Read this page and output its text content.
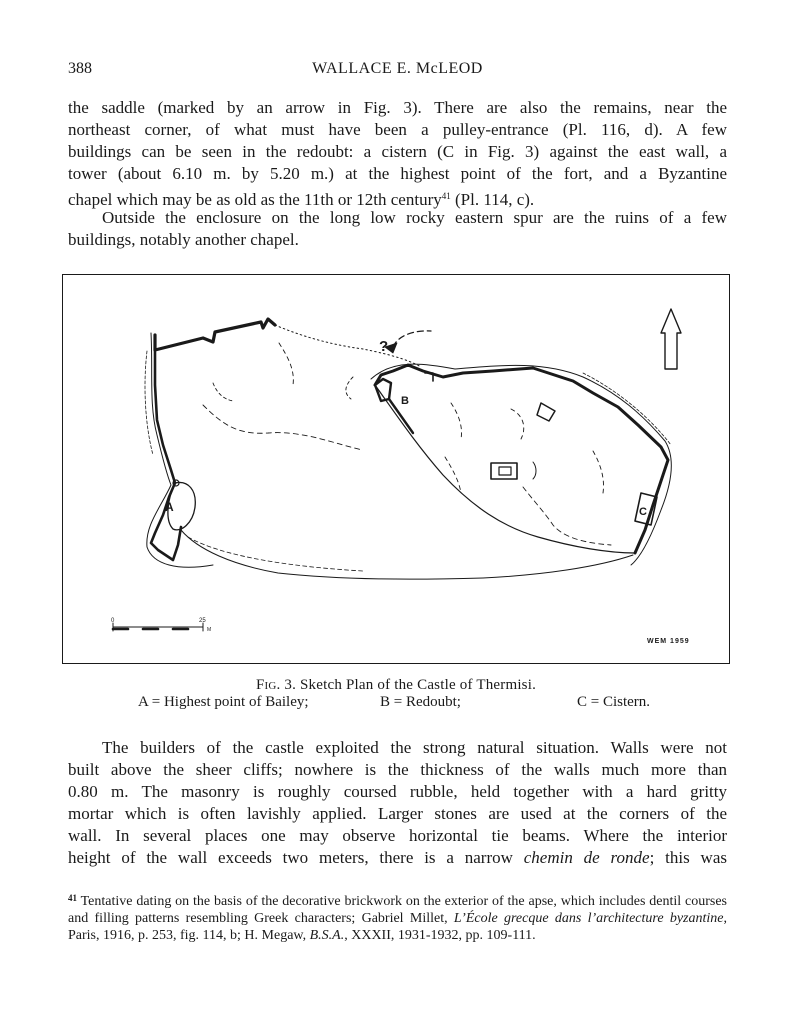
388	WALLACE E. McLEOD

the saddle (marked by an arrow in Fig. 3). There are also the remains, near the

northeast corner, of what must have been a pulley-entrance (Pl. 116, d). A few

buildings can be seen in the redoubt: a cistern (C in Fig. 3) against the east wall, a

tower (about 6.10 m. by 5.20 m.) at the highest point of the fort, and a Byzantine

chapel which may be as old as the 11th or 12th century$^{41}$ (Pl. 114, c).

Outside the enclosure on the long low rocky eastern spur are the ruins of a few

buildings, notably another chapel.

A
B
C
?
0	25
M
WEM 1959
Fig. 3. Sketch Plan of the Castle of Thermisi.
A = Highest point of Bailey;	B = Redoubt;	C = Cistern.

The builders of the castle exploited the strong natural situation. Walls were not

built above the sheer cliffs; nowhere is the thickness of the walls much more than

0.80 m. The masonry is roughly coursed rubble, held together with a hard gritty

mortar which is often lavishly applied. Larger stones are used at the corners of the

wall. In several places one may observe horizontal tie beams. Where the interior

height of the wall exceeds two meters, there is a narrow chemin de ronde; this was

$^{41}$ Tentative dating on the basis of the decorative brickwork on the exterior of the apse, which includes dentil courses and filling patterns resembling Greek characters; Gabriel Millet, L’École grecque dans l’architecture byzantine, Paris, 1916, p. 253, fig. 114, b; H. Megaw, B.S.A., XXXII, 1931-1932, pp. 109-111.
